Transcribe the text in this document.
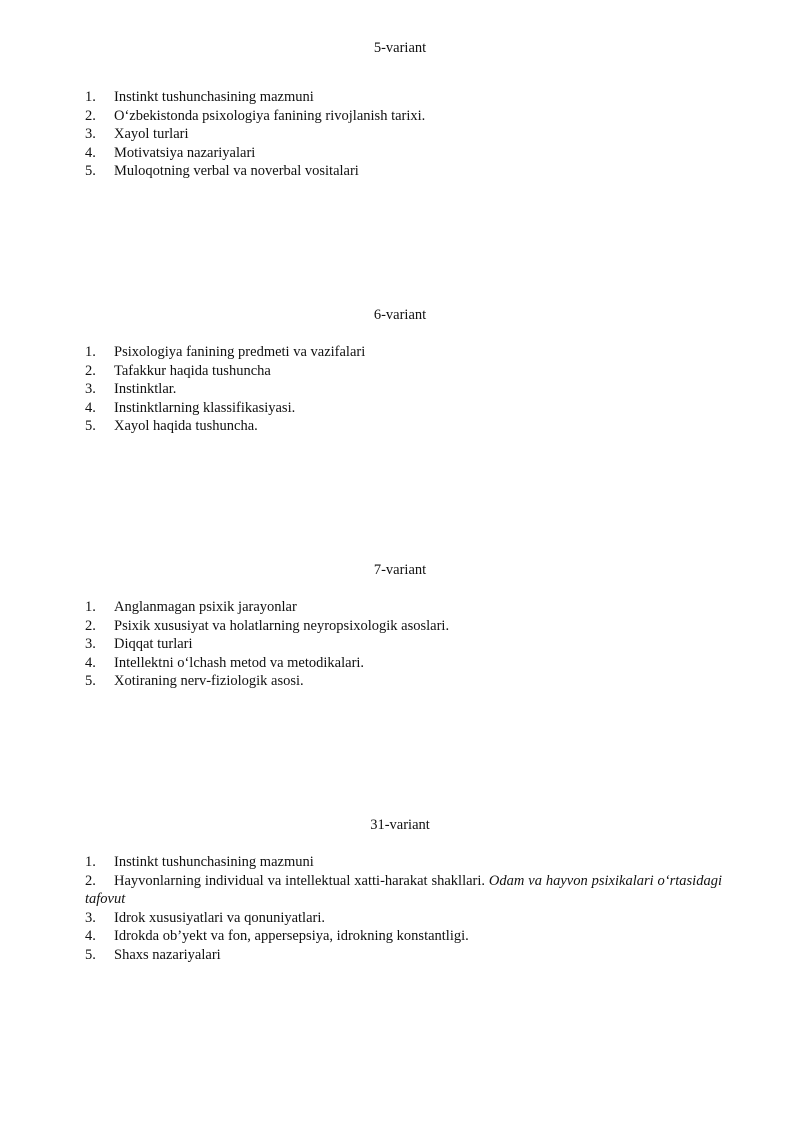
5-variant
1. Instinkt tushunchasining mazmuni
2. O‘zbekistonda psixologiya fanining rivojlanish tarixi.
3. Xayol turlari
4. Motivatsiya nazariyalari
5. Muloqotning verbal va noverbal vositalari
6-variant
1. Psixologiya fanining predmeti va vazifalari
2. Tafakkur haqida tushuncha
3. Instinktlar.
4. Instinktlarning klassifikasiyasi.
5. Xayol haqida tushuncha.
7-variant
1. Anglanmagan psixik jarayonlar
2. Psixik xususiyat va holatlarning neyropsixologik asoslari.
3. Diqqat turlari
4. Intellektni o‘lchash metod va metodikalari.
5. Xotiraning nerv-fiziologik asosi.
31-variant
1. Instinkt tushunchasining mazmuni
2. Hayvonlarning individual va intellektual xatti-harakat shakllari. Odam va hayvon psixikalari o‘rtasidagi tafovut
3. Idrok xususiyatlari va qonuniyatlari.
4. Idrokda ob’yekt va fon, appersepsiya, idrokning konstantligi.
5. Shaxs nazariyalari
